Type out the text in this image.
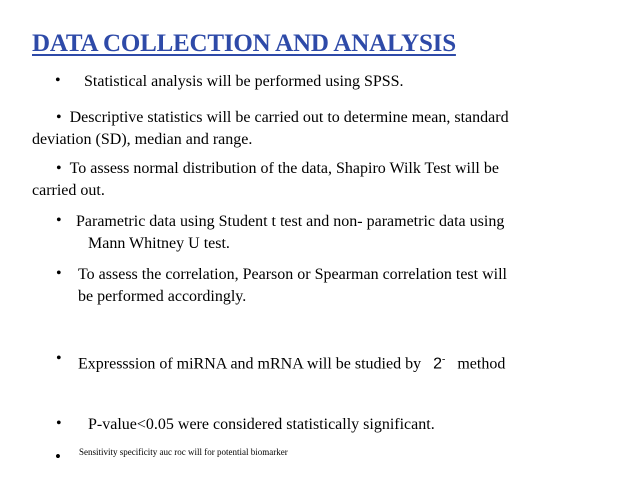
DATA COLLECTION AND ANALYSIS
• Statistical analysis will be performed using SPSS.
• Descriptive statistics will be carried out to determine mean, standard
deviation (SD), median and range.
• To assess normal distribution of the data, Shapiro Wilk Test will be
carried out.
• Parametric data using Student t test and non- parametric data using
Mann Whitney U test.
• To assess the correlation, Pearson or Spearman correlation test will
be performed accordingly.
• Expresssion of miRNA and mRNA will be studied by 2- method
• P-value<0.05 were considered statistically significant.
• Sensitivity specificity auc roc will for potential biomarker
